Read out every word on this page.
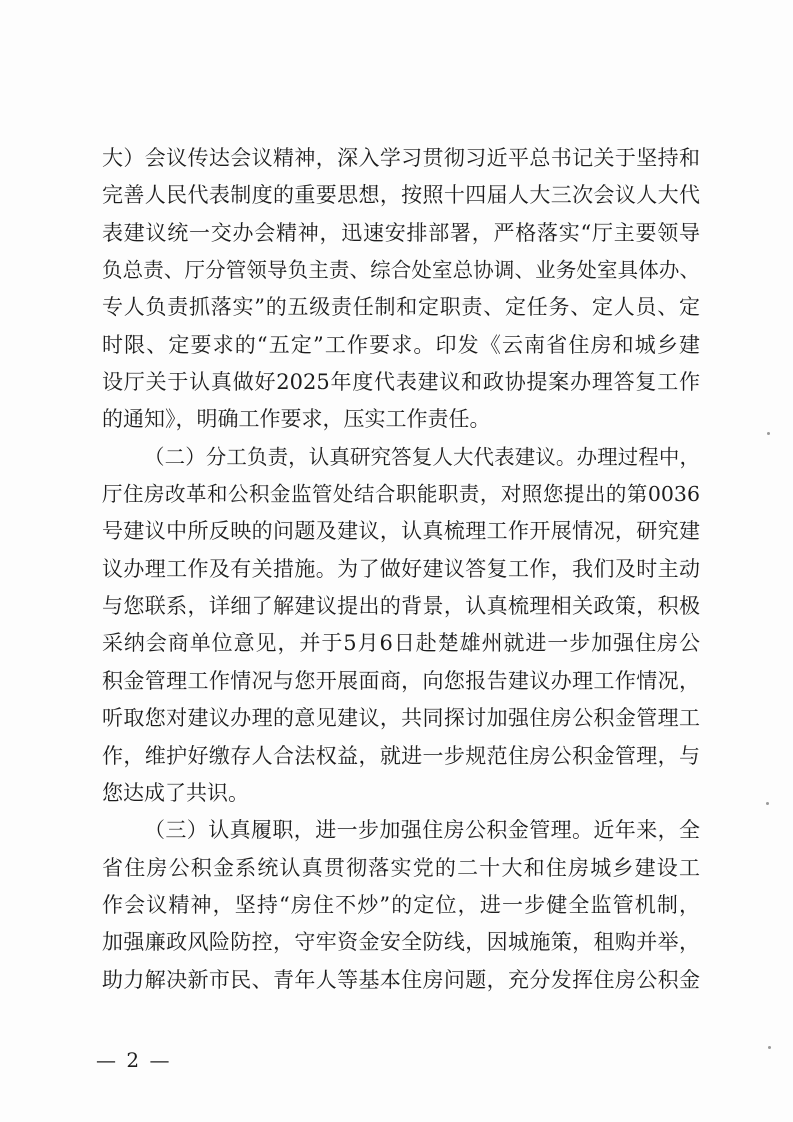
大）会议传达会议精神，深入学习贯彻习近平总书记关于坚持和
完善人民代表制度的重要思想，按照十四届人大三次会议人大代
表建议统一交办会精神，迅速安排部署，严格落实“厅主要领导
负总责、厅分管领导负主责、综合处室总协调、业务处室具体办、
专人负责抓落实”的五级责任制和定职责、定任务、定人员、定
时限、定要求的“五定”工作要求。印发《云南省住房和城乡建
设厅关于认真做好2025年度代表建议和政协提案办理答复工作
的通知》，明确工作要求，压实工作责任。
（二）分工负责，认真研究答复人大代表建议。办理过程中，
厅住房改革和公积金监管处结合职能职责，对照您提出的第0036
号建议中所反映的问题及建议，认真梳理工作开展情况，研究建
议办理工作及有关措施。为了做好建议答复工作，我们及时主动
与您联系，详细了解建议提出的背景，认真梳理相关政策，积极
采纳会商单位意见，并于5月6日赴楚雄州就进一步加强住房公
积金管理工作情况与您开展面商，向您报告建议办理工作情况，
听取您对建议办理的意见建议，共同探讨加强住房公积金管理工
作，维护好缴存人合法权益，就进一步规范住房公积金管理，与
您达成了共识。
（三）认真履职，进一步加强住房公积金管理。近年来，全
省住房公积金系统认真贯彻落实党的二十大和住房城乡建设工
作会议精神，坚持“房住不炒”的定位，进一步健全监管机制，
加强廉政风险防控，守牢资金安全防线，因城施策，租购并举，
助力解决新市民、青年人等基本住房问题，充分发挥住房公积金
— 2 —
